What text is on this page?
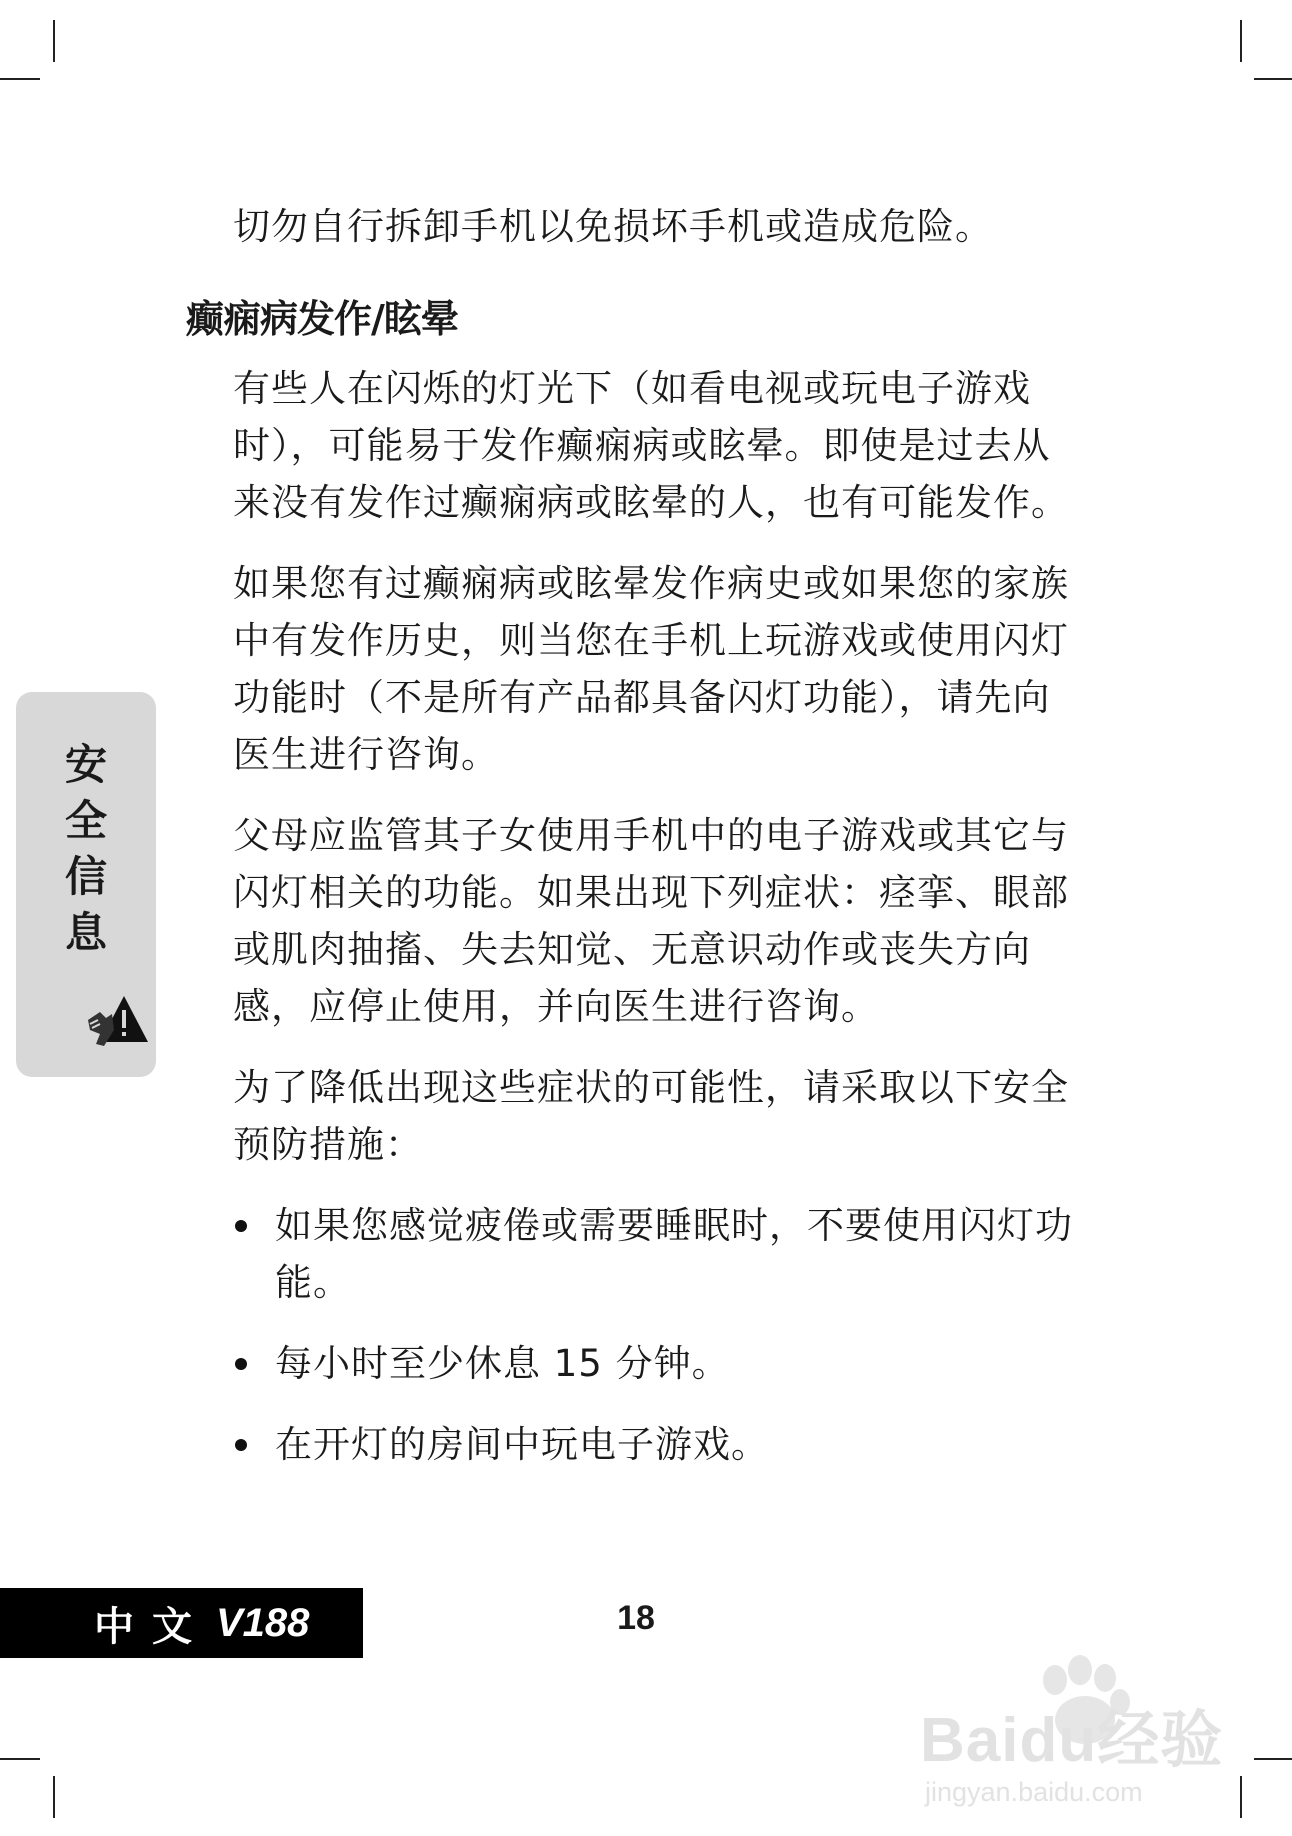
切勿自行拆卸手机以免损坏手机或造成危险。
癫痫病发作/眩晕

有些人在闪烁的灯光下（如看电视或玩电子游戏时），可能易于发作癫痫病或眩晕。即使是过去从来没有发作过癫痫病或眩晕的人，也有可能发作。

如果您有过癫痫病或眩晕发作病史或如果您的家族中有发作历史，则当您在手机上玩游戏或使用闪灯功能时（不是所有产品都具备闪灯功能），请先向医生进行咨询。

父母应监管其子女使用手机中的电子游戏或其它与闪灯相关的功能。如果出现下列症状：痉挛、眼部或肌肉抽搐、失去知觉、无意识动作或丧失方向感，应停止使用，并向医生进行咨询。

为了降低出现这些症状的可能性，请采取以下安全预防措施：

如果您感觉疲倦或需要睡眠时，不要使用闪灯功能。
每小时至少休息 15 分钟。
在开灯的房间中玩电子游戏。
安
全
信
息
中文 V188	18
Baidu经验
jingyan.baidu.com
